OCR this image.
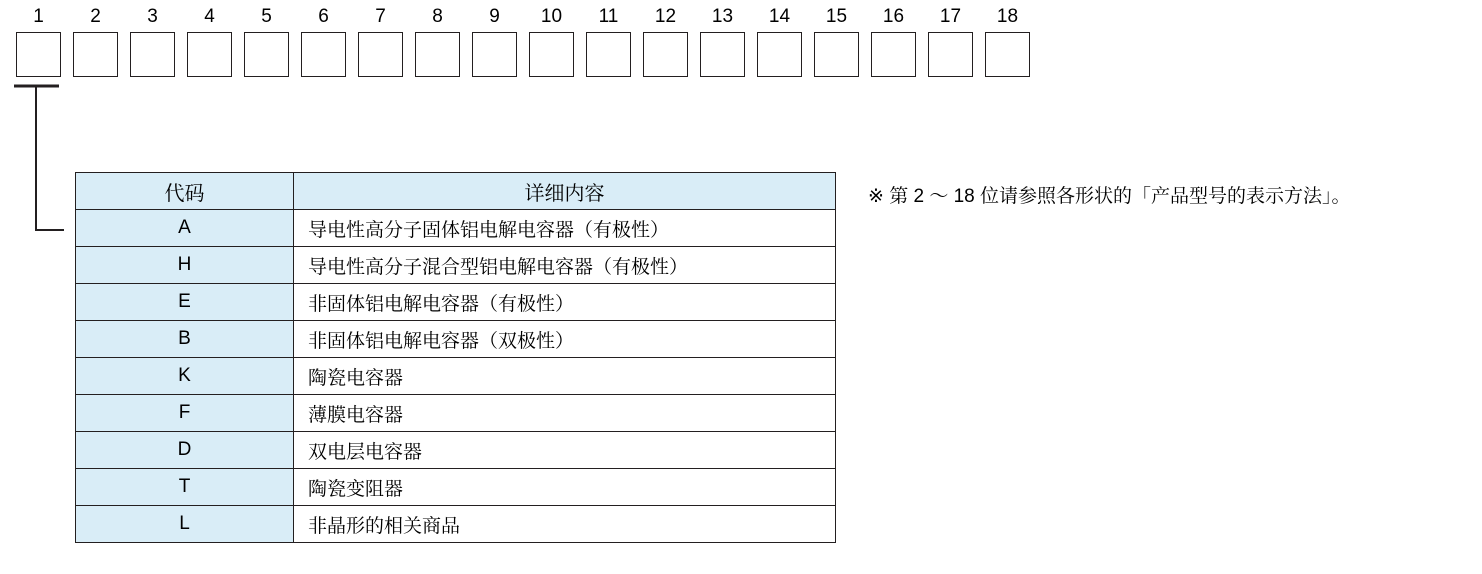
1 2 3 4 5 6 7 8 9 10 11 12 13 14 15 16 17 18
代码	详细内容
A	导电性高分子固体铝电解电容器（有极性）
H	导电性高分子混合型铝电解电容器（有极性）
E	非固体铝电解电容器（有极性）
B	非固体铝电解电容器（双极性）
K	陶瓷电容器
F	薄膜电容器
D	双电层电容器
T	陶瓷变阻器
L	非晶形的相关商品
※ 第 2 〜 18 位请参照各形状的「产品型号的表示方法」。
